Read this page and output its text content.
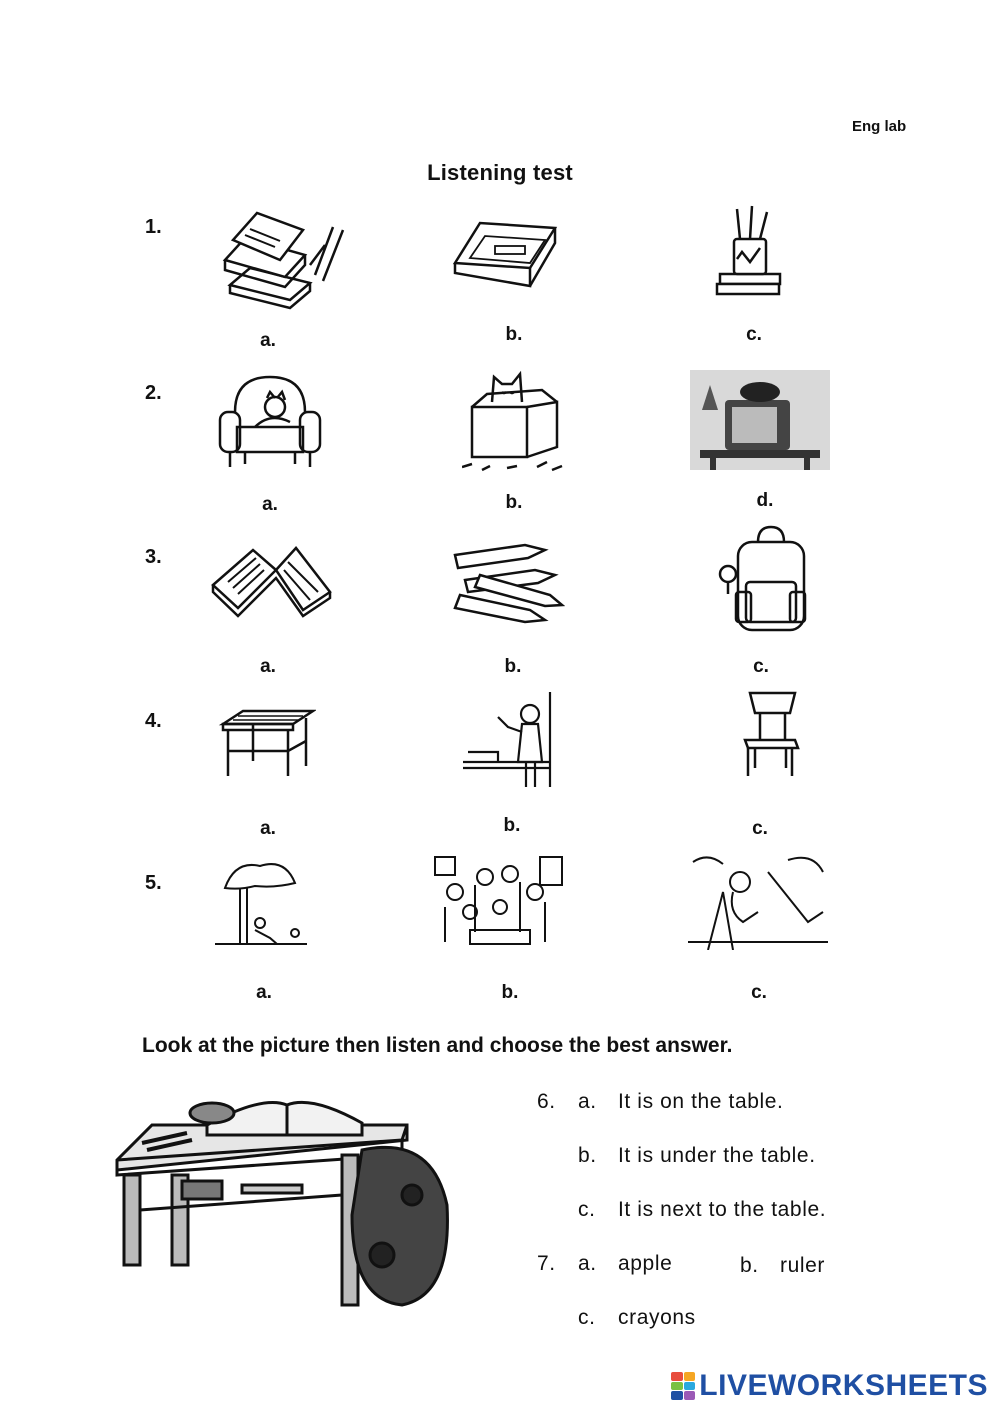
Eng lab
Listening test
1.
a.	b.	c.
2.
a.	b.	d.
3.
a.	b.	c.
4.
a.	b.	c.
5.
a.	b.	c.
Look at the picture then listen and choose the best answer.
6. a. It is on the table.
b. It is under the table.
c. It is next to the table.
7. a. apple	b. ruler
c. crayons
LIVEWORKSHEETS
